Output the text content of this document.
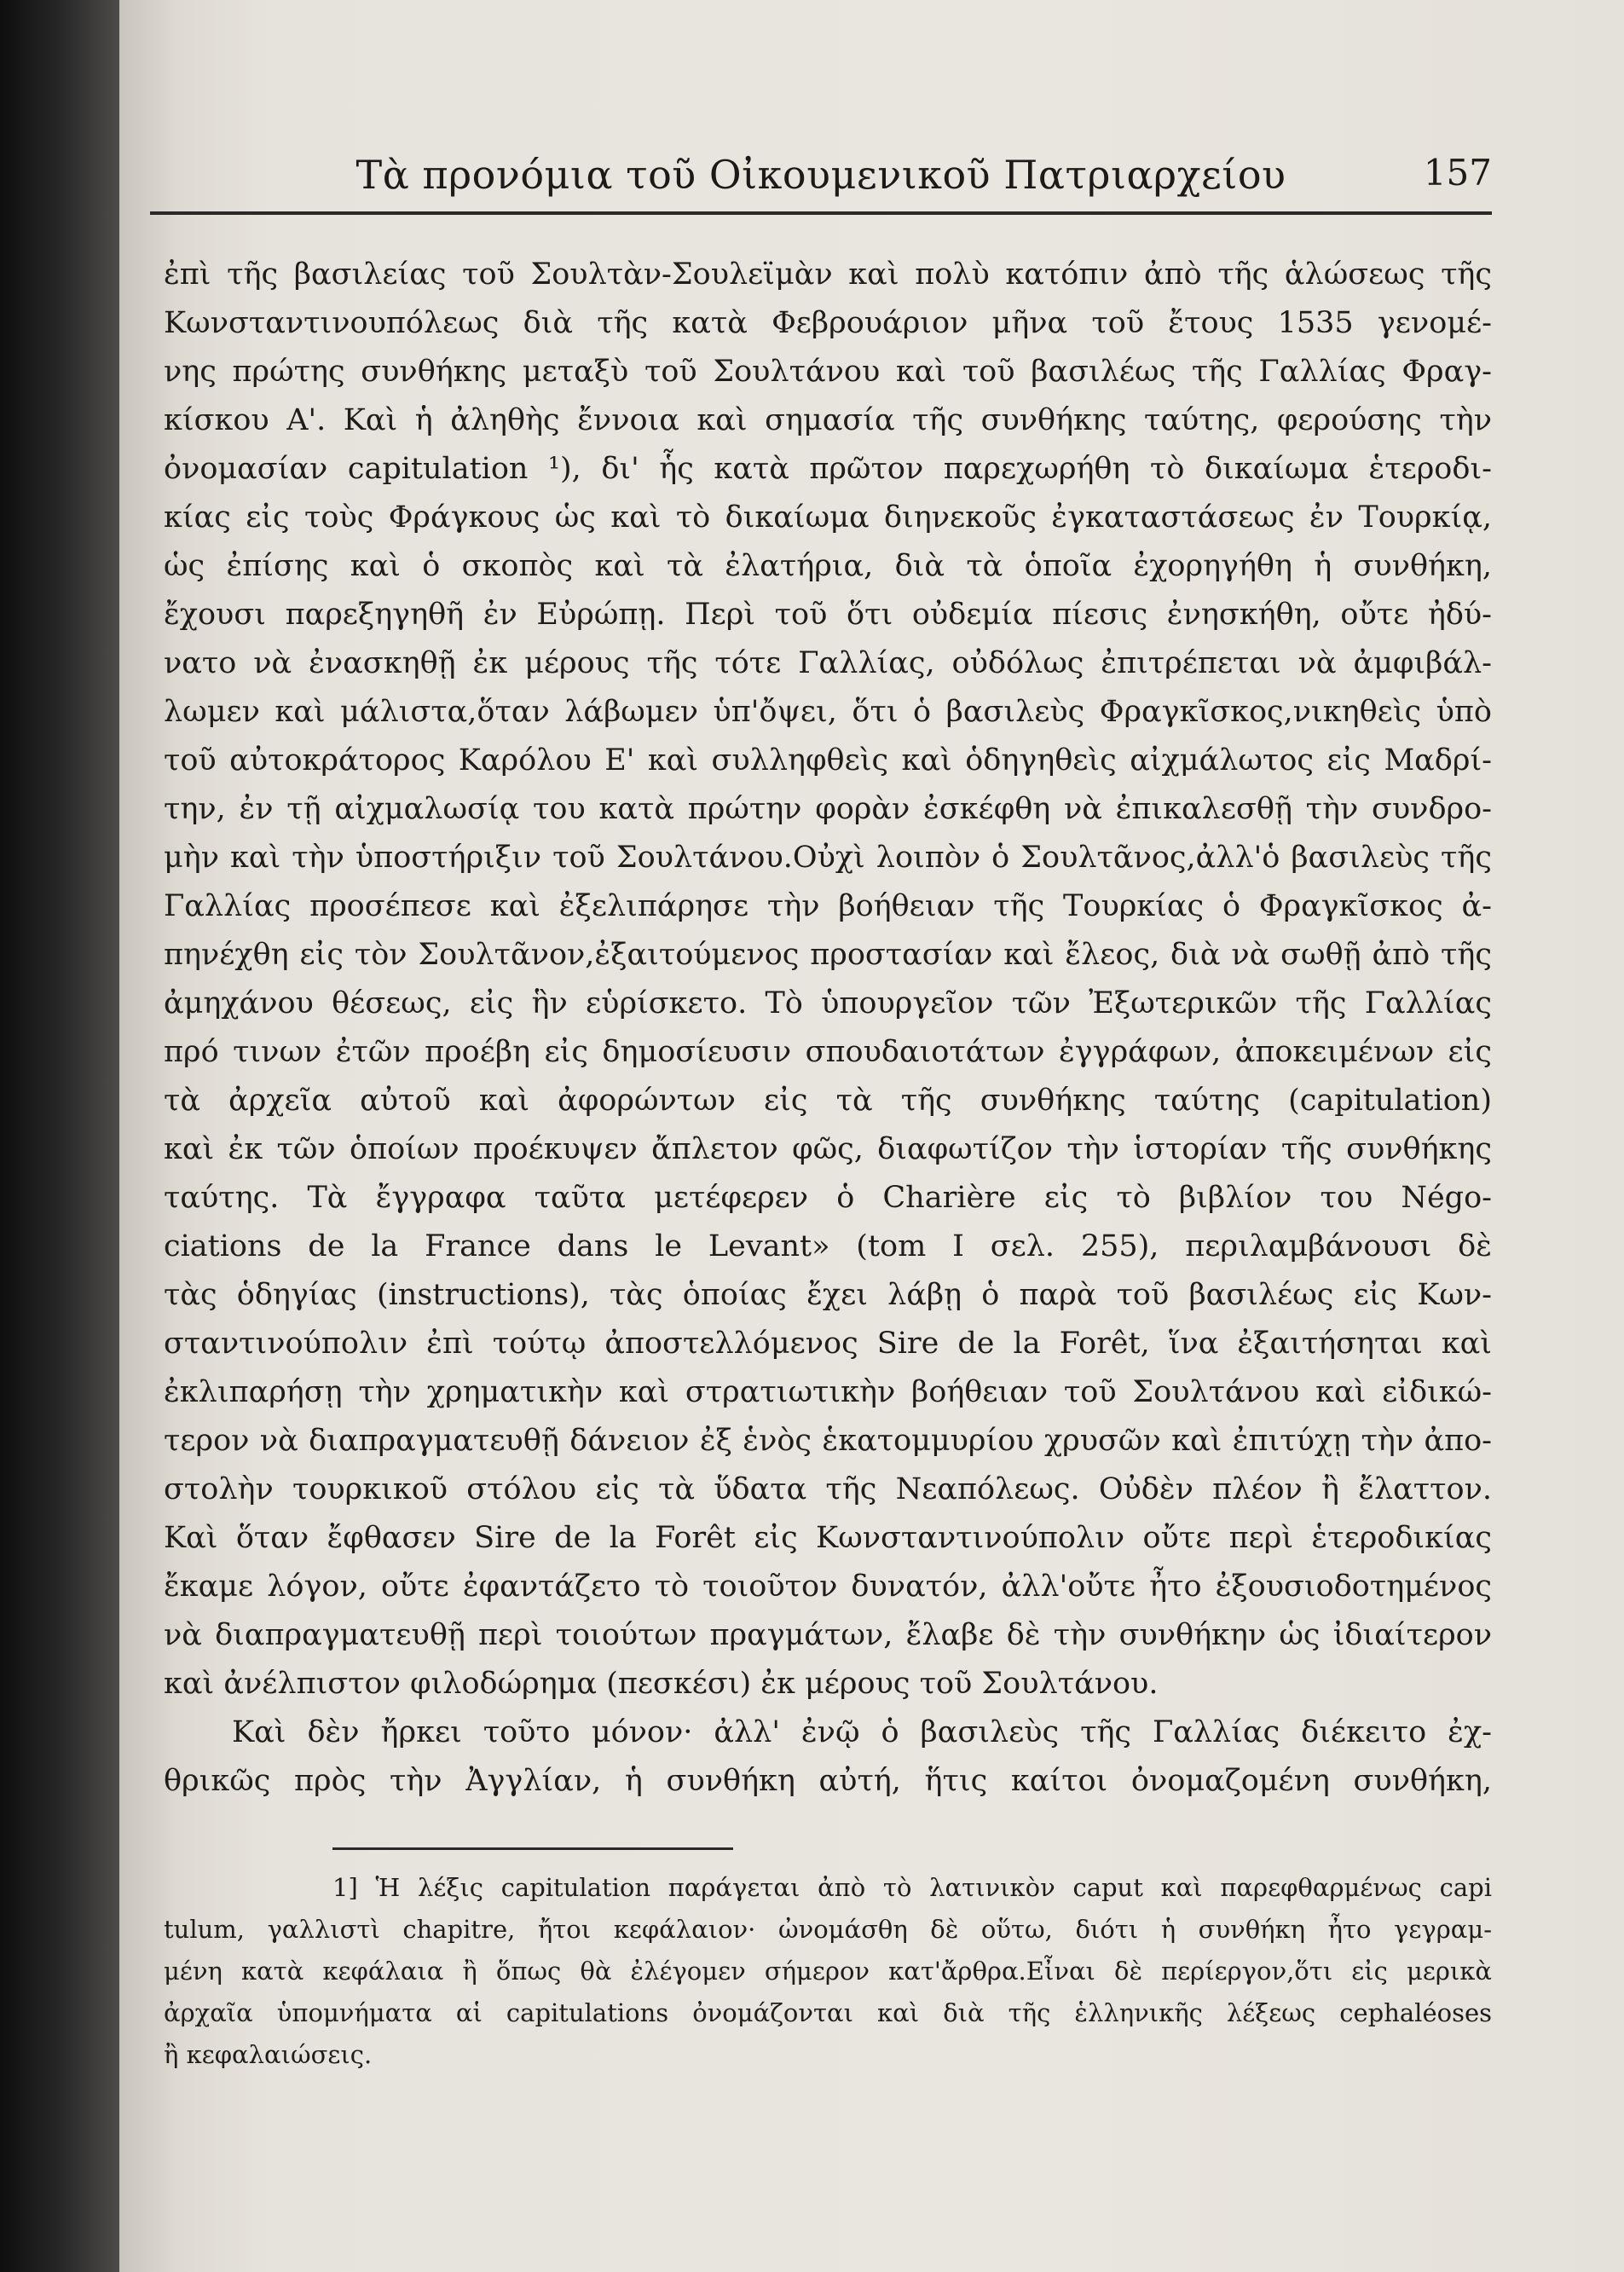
Τὰ προνόμια τοῦ Οἰκουμενικοῦ Πατριαρχείου	157
ἐπὶ τῆς βασιλείας τοῦ Σουλτὰν-Σουλεϊμὰν καὶ πολὺ κατόπιν ἀπὸ τῆς ἁλώσεως τῆς
Κωνσταντινουπόλεως διὰ τῆς κατὰ Φεβρουάριον μῆνα τοῦ ἔτους 1535 γενομέ-
νης πρώτης συνθήκης μεταξὺ τοῦ Σουλτάνου καὶ τοῦ βασιλέως τῆς Γαλλίας Φραγ-
κίσκου Α'. Καὶ ἡ ἀληθὴς ἔννοια καὶ σημασία τῆς συνθήκης ταύτης, φερούσης τὴν
ὀνομασίαν capitulation ¹), δι' ἧς κατὰ πρῶτον παρεχωρήθη τὸ δικαίωμα ἑτεροδι-
κίας εἰς τοὺς Φράγκους ὡς καὶ τὸ δικαίωμα διηνεκοῦς ἐγκαταστάσεως ἐν Τουρκίᾳ,
ὡς ἐπίσης καὶ ὁ σκοπὸς καὶ τὰ ἐλατήρια, διὰ τὰ ὁποῖα ἐχορηγήθη ἡ συνθήκη,
ἔχουσι παρεξηγηθῆ ἐν Εὐρώπῃ. Περὶ τοῦ ὅτι οὐδεμία πίεσις ἐνησκήθη, οὔτε ἠδύ-
νατο νὰ ἐνασκηθῇ ἐκ μέρους τῆς τότε Γαλλίας, οὐδόλως ἐπιτρέπεται νὰ ἀμφιβάλ-
λωμεν καὶ μάλιστα,ὅταν λάβωμεν ὑπ'ὄψει, ὅτι ὁ βασιλεὺς Φραγκῖσκος,νικηθεὶς ὑπὸ
τοῦ αὐτοκράτορος Καρόλου Ε' καὶ συλληφθεὶς καὶ ὁδηγηθεὶς αἰχμάλωτος εἰς Μαδρί-
την, ἐν τῇ αἰχμαλωσίᾳ του κατὰ πρώτην φορὰν ἐσκέφθη νὰ ἐπικαλεσθῇ τὴν συνδρο-
μὴν καὶ τὴν ὑποστήριξιν τοῦ Σουλτάνου.Οὐχὶ λοιπὸν ὁ Σουλτᾶνος,ἀλλ'ὁ βασιλεὺς τῆς
Γαλλίας προσέπεσε καὶ ἐξελιπάρησε τὴν βοήθειαν τῆς Τουρκίας ὁ Φραγκῖσκος ἀ-
πηνέχθη εἰς τὸν Σουλτᾶνον,ἐξαιτούμενος προστασίαν καὶ ἔλεος, διὰ νὰ σωθῇ ἀπὸ τῆς
ἀμηχάνου θέσεως, εἰς ἣν εὑρίσκετο. Τὸ ὑπουργεῖον τῶν Ἐξωτερικῶν τῆς Γαλλίας
πρό τινων ἐτῶν προέβη εἰς δημοσίευσιν σπουδαιοτάτων ἐγγράφων, ἀποκειμένων εἰς
τὰ ἀρχεῖα αὐτοῦ καὶ ἀφορώντων εἰς τὰ τῆς συνθήκης ταύτης (capitulation)
καὶ ἐκ τῶν ὁποίων προέκυψεν ἄπλετον φῶς, διαφωτίζον τὴν ἱστορίαν τῆς συνθήκης
ταύτης. Τὰ ἔγγραφα ταῦτα μετέφερεν ὁ Charière εἰς τὸ βιβλίον του Négo-
ciations de la France dans le Levant» (tom I σελ. 255), περιλαμβάνουσι δὲ
τὰς ὁδηγίας (instructions), τὰς ὁποίας ἔχει λάβῃ ὁ παρὰ τοῦ βασιλέως εἰς Κων-
σταντινούπολιν ἐπὶ τούτῳ ἀποστελλόμενος Sire de la Forêt, ἵνα ἐξαιτήσηται καὶ
ἐκλιπαρήσῃ τὴν χρηματικὴν καὶ στρατιωτικὴν βοήθειαν τοῦ Σουλτάνου καὶ εἰδικώ-
τερον νὰ διαπραγματευθῇ δάνειον ἐξ ἑνὸς ἑκατομμυρίου χρυσῶν καὶ ἐπιτύχῃ τὴν ἀπο-
στολὴν τουρκικοῦ στόλου εἰς τὰ ὕδατα τῆς Νεαπόλεως. Οὐδὲν πλέον ἢ ἔλαττον.
Καὶ ὅταν ἔφθασεν Sire de la Forêt εἰς Κωνσταντινούπολιν οὔτε περὶ ἑτεροδικίας
ἔκαμε λόγον, οὔτε ἐφαντάζετο τὸ τοιοῦτον δυνατόν, ἀλλ'οὔτε ἦτο ἐξουσιοδοτημένος
νὰ διαπραγματευθῇ περὶ τοιούτων πραγμάτων, ἔλαβε δὲ τὴν συνθήκην ὡς ἰδιαίτερον
καὶ ἀνέλπιστον φιλοδώρημα (πεσκέσι) ἐκ μέρους τοῦ Σουλτάνου.
Καὶ δὲν ἤρκει τοῦτο μόνον· ἀλλ' ἐνῷ ὁ βασιλεὺς τῆς Γαλλίας διέκειτο ἐχ-
θρικῶς πρὸς τὴν Ἀγγλίαν, ἡ συνθήκη αὐτή, ἥτις καίτοι ὀνομαζομένη συνθήκη,
1] Ἡ λέξις capitulation παράγεται ἀπὸ τὸ λατινικὸν caput καὶ παρεφθαρμένως capi
tulum, γαλλιστὶ chapitre, ἤτοι κεφάλαιον· ὠνομάσθη δὲ οὕτω, διότι ἡ συνθήκη ἦτο γεγραμ-
μένη κατὰ κεφάλαια ἢ ὅπως θὰ ἐλέγομεν σήμερον κατ'ἄρθρα.Εἶναι δὲ περίεργον,ὅτι εἰς μερικὰ
ἀρχαῖα ὑπομνήματα αἱ capitulations ὀνομάζονται καὶ διὰ τῆς ἑλληνικῆς λέξεως cephaléoses
ἢ κεφαλαιώσεις.
